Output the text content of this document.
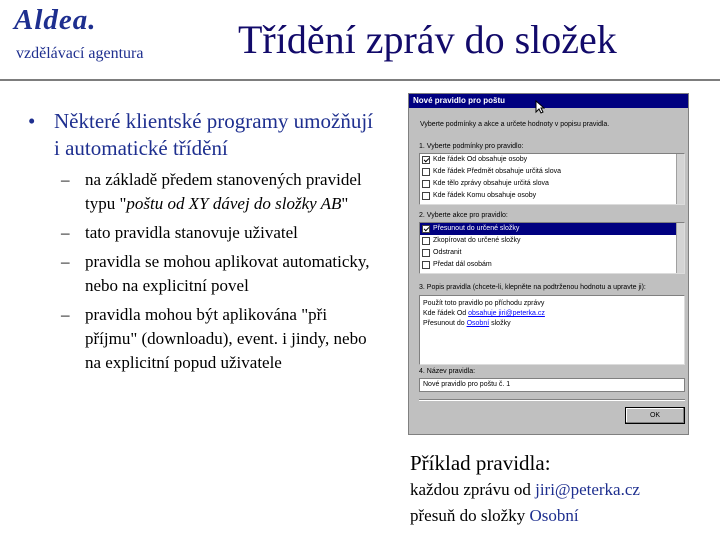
Aldea.
vzdělávací agentura Třídění zpráv do složek
• Některé klientské programy umožňují i automatické třídění
– na základě předem stanovených pravidel typu "poštu od XY dávej do složky AB"
– tato pravidla stanovuje uživatel
– pravidla se mohou aplikovat automaticky, nebo na explicitní povel
– pravidla mohou být aplikována "při příjmu" (downloadu), event. i jindy, nebo na explicitní popud uživatele
Nové pravidlo pro poštu
Vyberte podmínky a akce a určete hodnoty v popisu pravidla.
1. Vyberte podmínky pro pravidlo:
Kde řádek Od obsahuje osoby
Kde řádek Předmět obsahuje určitá slova
Kde tělo zprávy obsahuje určitá slova
Kde řádek Komu obsahuje osoby
2. Vyberte akce pro pravidlo:
Přesunout do určené složky
Zkopírovat do určené složky
Odstranit
Předat dál osobám
3. Popis pravidla (chcete-li, klepněte na podtrženou hodnotu a upravte ji):
Použít toto pravidlo po příchodu zprávy
Kde řádek Od obsahuje jiri@peterka.cz
Přesunout do Osobní složky
4. Název pravidla:
Nové pravidlo pro poštu č. 1
OK
Příklad pravidla:
každou zprávu od jiri@peterka.cz
přesuň do složky Osobní
